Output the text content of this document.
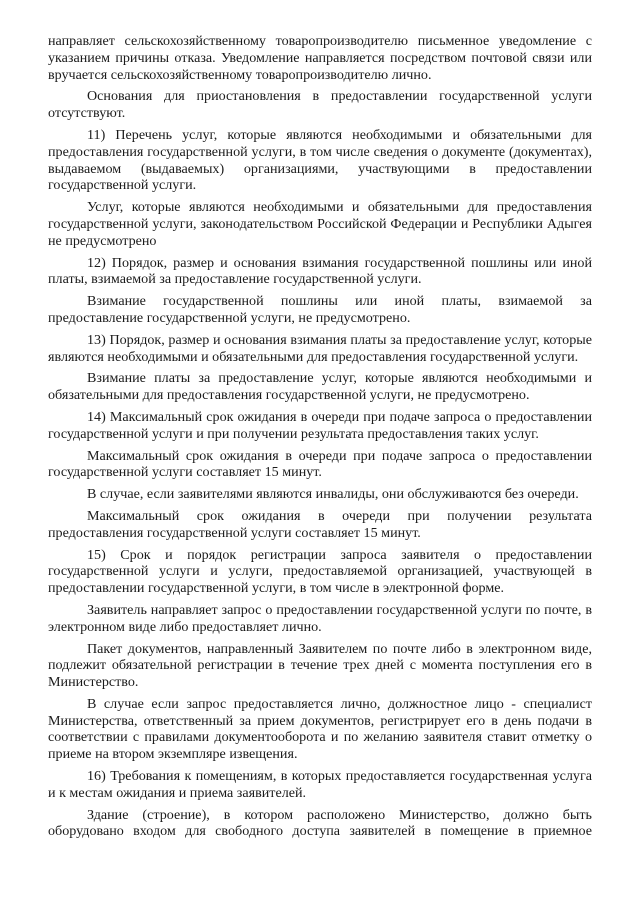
направляет сельскохозяйственному товаропроизводителю письменное уведомление с указанием причины отказа. Уведомление направляется посредством почтовой связи или вручается сельскохозяйственному товаропроизводителю лично.

Основания для приостановления в предоставлении государственной услуги отсутствуют.

11) Перечень услуг, которые являются необходимыми и обязательными для предоставления государственной услуги, в том числе сведения о документе (документах), выдаваемом (выдаваемых) организациями, участвующими в предоставлении государственной услуги.

Услуг, которые являются необходимыми и обязательными для предоставления государственной услуги, законодательством Российской Федерации и Республики Адыгея не предусмотрено

12) Порядок, размер и основания взимания государственной пошлины или иной платы, взимаемой за предоставление государственной услуги.

Взимание государственной пошлины или иной платы, взимаемой за предоставление государственной услуги, не предусмотрено.

13) Порядок, размер и основания взимания платы за предоставление услуг, которые являются необходимыми и обязательными для предоставления государственной услуги.

Взимание платы за предоставление услуг, которые являются необходимыми и обязательными для предоставления государственной услуги, не предусмотрено.

14) Максимальный срок ожидания в очереди при подаче запроса о предоставлении государственной услуги и при получении результата предоставления таких услуг.

Максимальный срок ожидания в очереди при подаче запроса о предоставлении государственной услуги составляет 15 минут.

В случае, если заявителями являются инвалиды, они обслуживаются без очереди.

Максимальный срок ожидания в очереди при получении результата предоставления государственной услуги составляет 15 минут.

15) Срок и порядок регистрации запроса заявителя о предоставлении государственной услуги и услуги, предоставляемой организацией, участвующей в предоставлении государственной услуги, в том числе в электронной форме.

Заявитель направляет запрос о предоставлении государственной услуги по почте, в электронном виде либо предоставляет лично.

Пакет документов, направленный Заявителем по почте либо в электронном виде, подлежит обязательной регистрации в течение трех дней с момента поступления его в Министерство.

В случае если запрос предоставляется лично, должностное лицо - специалист Министерства, ответственный за прием документов, регистрирует его в день подачи в соответствии с правилами документооборота и по желанию заявителя ставит отметку о приеме на втором экземпляре извещения.

16) Требования к помещениям, в которых предоставляется государственная услуга и к местам ожидания и приема заявителей.

Здание (строение), в котором расположено Министерство, должно быть оборудовано входом для свободного доступа заявителей в помещение в приемное
